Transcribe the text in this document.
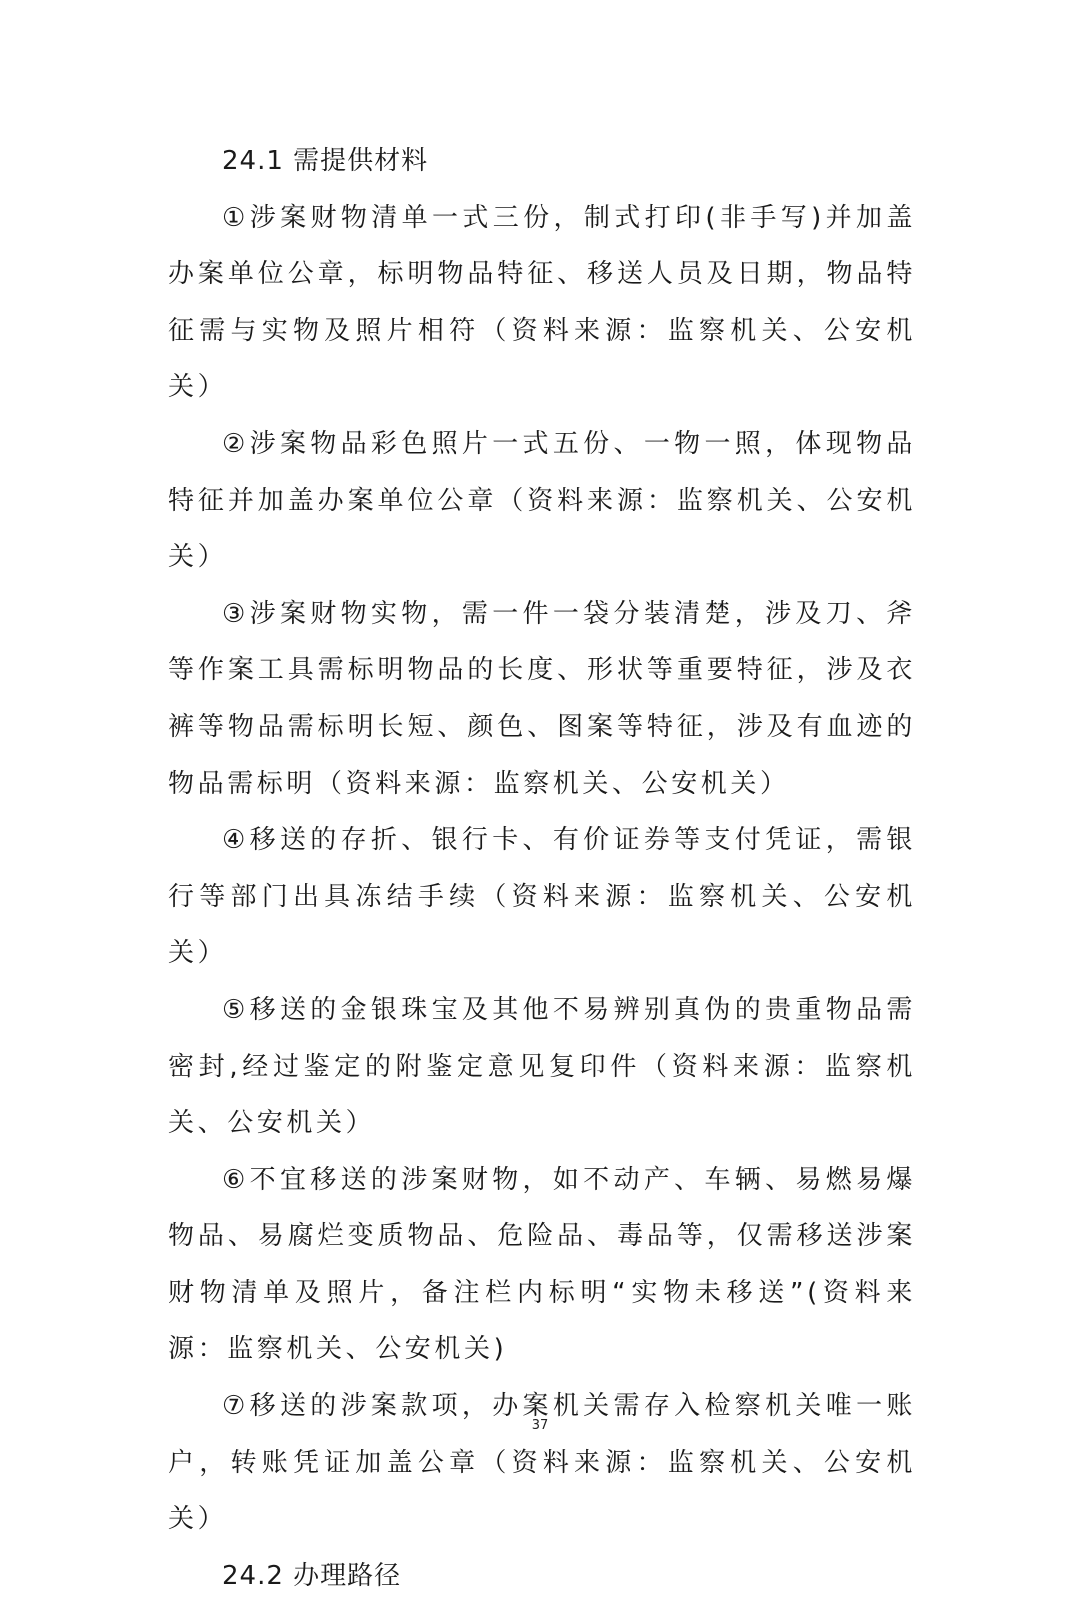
24.1 需提供材料

①涉案财物清单一式三份，制式打印(非手写)并加盖办案单位公章，标明物品特征、移送人员及日期，物品特征需与实物及照片相符（资料来源：监察机关、公安机关）

②涉案物品彩色照片一式五份、一物一照，体现物品特征并加盖办案单位公章（资料来源：监察机关、公安机关）

③涉案财物实物，需一件一袋分装清楚，涉及刀、斧等作案工具需标明物品的长度、形状等重要特征，涉及衣裤等物品需标明长短、颜色、图案等特征，涉及有血迹的物品需标明（资料来源：监察机关、公安机关）

④移送的存折、银行卡、有价证券等支付凭证，需银行等部门出具冻结手续（资料来源：监察机关、公安机关）

⑤移送的金银珠宝及其他不易辨别真伪的贵重物品需密封,经过鉴定的附鉴定意见复印件（资料来源：监察机关、公安机关）

⑥不宜移送的涉案财物，如不动产、车辆、易燃易爆物品、易腐烂变质物品、危险品、毒品等，仅需移送涉案财物清单及照片，备注栏内标明“实物未移送”(资料来源：监察机关、公安机关)

⑦移送的涉案款项，办案机关需存入检察机关唯一账户，转账凭证加盖公章（资料来源：监察机关、公安机关）

24.2 办理路径

37
